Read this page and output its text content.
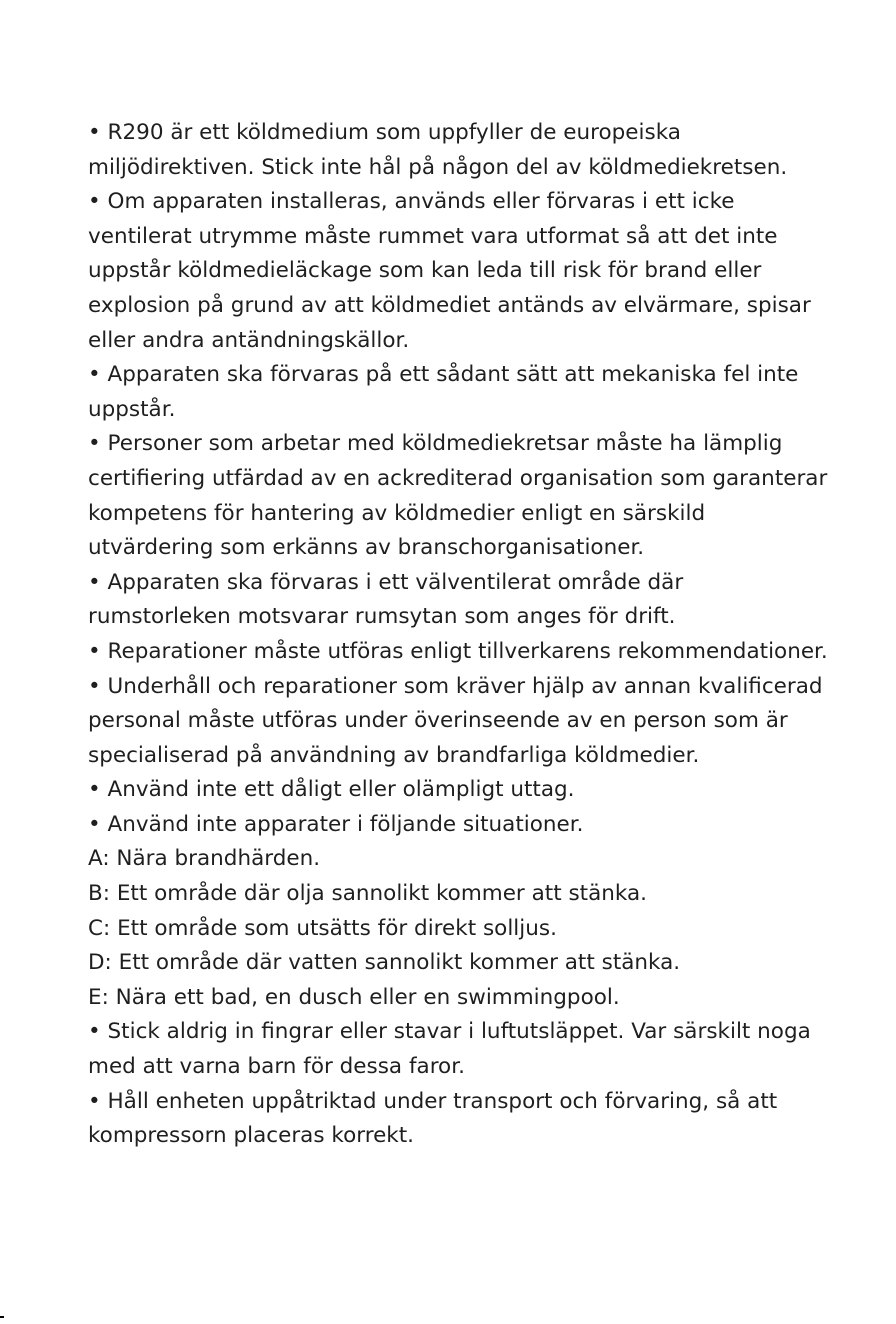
• R290 är ett köldmedium som uppfyller de europeiska
miljödirektiven. Stick inte hål på någon del av köldmediekretsen.
• Om apparaten installeras, används eller förvaras i ett icke
ventilerat utrymme måste rummet vara utformat så att det inte
uppstår köldmedieläckage som kan leda till risk för brand eller
explosion på grund av att köldmediet antänds av elvärmare, spisar
eller andra antändningskällor.
• Apparaten ska förvaras på ett sådant sätt att mekaniska fel inte
uppstår.
• Personer som arbetar med köldmediekretsar måste ha lämplig
certifiering utfärdad av en ackrediterad organisation som garanterar
kompetens för hantering av köldmedier enligt en särskild
utvärdering som erkänns av branschorganisationer.
• Apparaten ska förvaras i ett välventilerat område där
rumstorleken motsvarar rumsytan som anges för drift.
• Reparationer måste utföras enligt tillverkarens rekommendationer.
• Underhåll och reparationer som kräver hjälp av annan kvalificerad
personal måste utföras under överinseende av en person som är
specialiserad på användning av brandfarliga köldmedier.
• Använd inte ett dåligt eller olämpligt uttag.
• Använd inte apparater i följande situationer.
A: Nära brandhärden.
B: Ett område där olja sannolikt kommer att stänka.
C: Ett område som utsätts för direkt solljus.
D: Ett område där vatten sannolikt kommer att stänka.
E: Nära ett bad, en dusch eller en swimmingpool.
• Stick aldrig in fingrar eller stavar i luftutsläppet. Var särskilt noga
med att varna barn för dessa faror.
• Håll enheten uppåtriktad under transport och förvaring, så att
kompressorn placeras korrekt.
